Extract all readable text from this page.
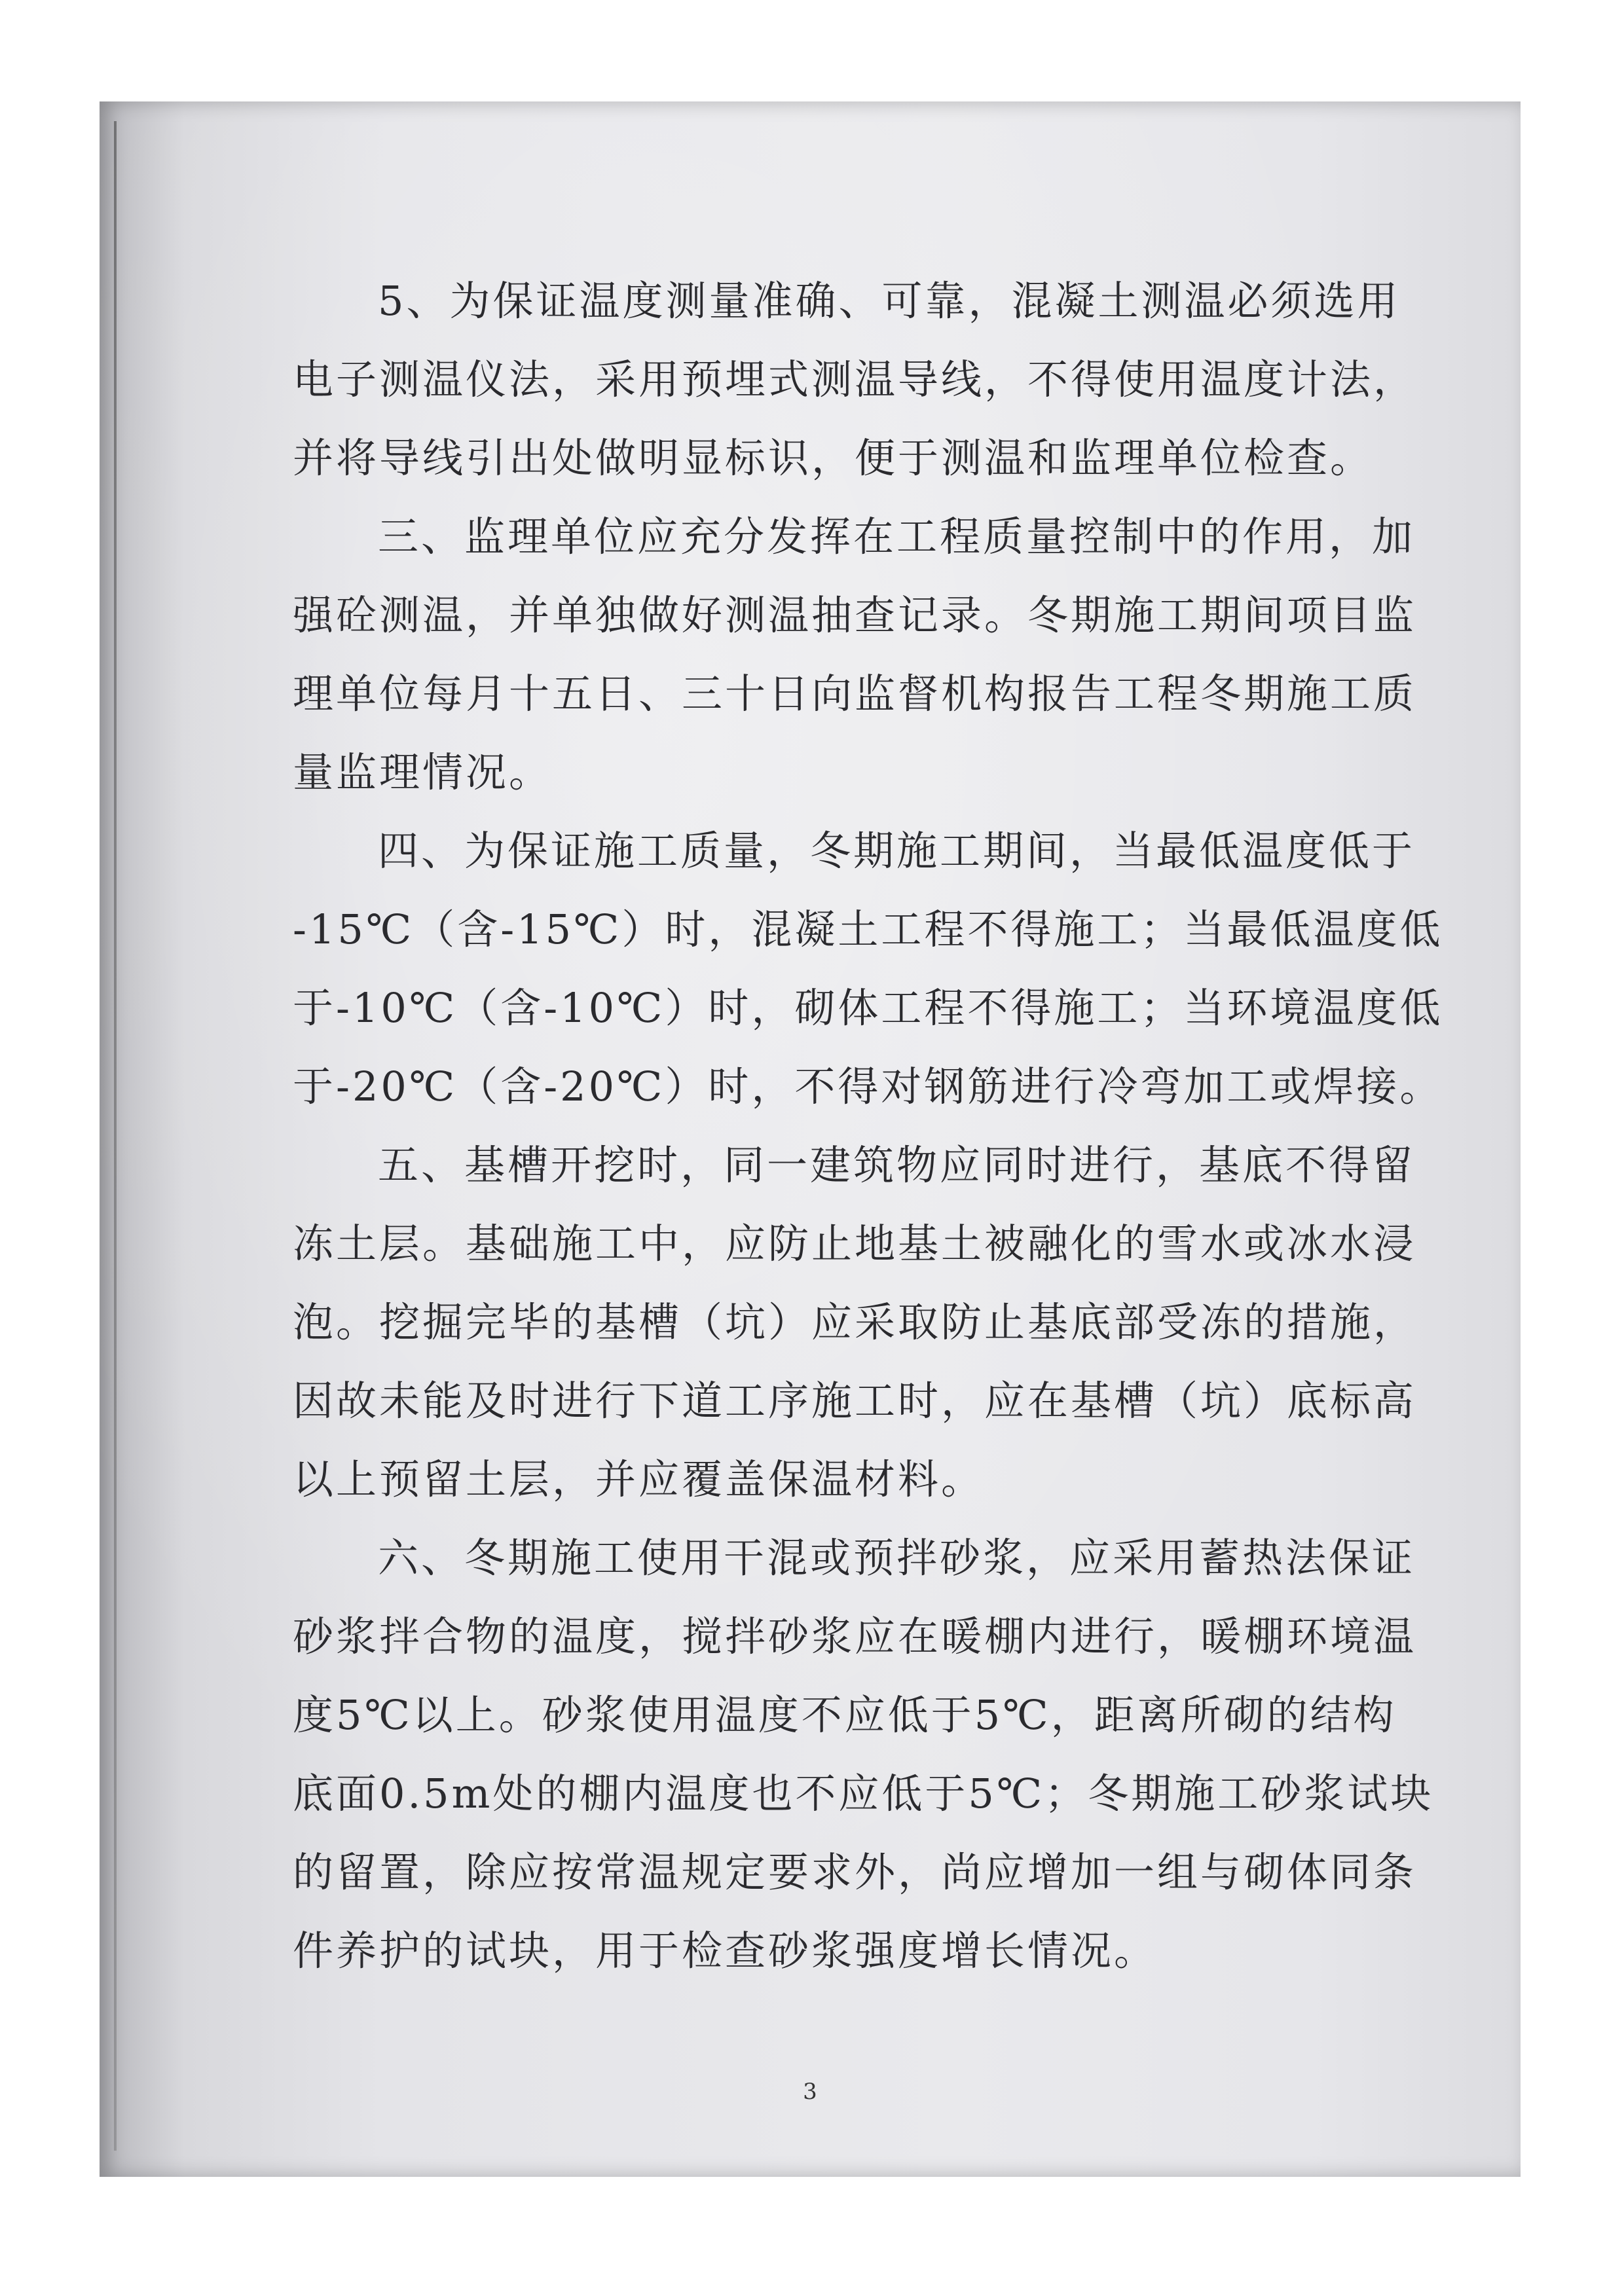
5、为保证温度测量准确、可靠，混凝土测温必须选用
电子测温仪法，采用预埋式测温导线，不得使用温度计法，
并将导线引出处做明显标识，便于测温和监理单位检查。
三、监理单位应充分发挥在工程质量控制中的作用，加
强砼测温，并单独做好测温抽查记录。冬期施工期间项目监
理单位每月十五日、三十日向监督机构报告工程冬期施工质
量监理情况。
四、为保证施工质量，冬期施工期间，当最低温度低于
-15℃（含-15℃）时，混凝土工程不得施工；当最低温度低
于-10℃（含-10℃）时，砌体工程不得施工；当环境温度低
于-20℃（含-20℃）时，不得对钢筋进行冷弯加工或焊接。
五、基槽开挖时，同一建筑物应同时进行，基底不得留
冻土层。基础施工中，应防止地基土被融化的雪水或冰水浸
泡。挖掘完毕的基槽（坑）应采取防止基底部受冻的措施，
因故未能及时进行下道工序施工时，应在基槽（坑）底标高
以上预留土层，并应覆盖保温材料。
六、冬期施工使用干混或预拌砂浆，应采用蓄热法保证
砂浆拌合物的温度，搅拌砂浆应在暖棚内进行，暖棚环境温
度5℃以上。砂浆使用温度不应低于5℃，距离所砌的结构
底面0.5m处的棚内温度也不应低于5℃；冬期施工砂浆试块
的留置，除应按常温规定要求外，尚应增加一组与砌体同条
件养护的试块，用于检查砂浆强度增长情况。
3
